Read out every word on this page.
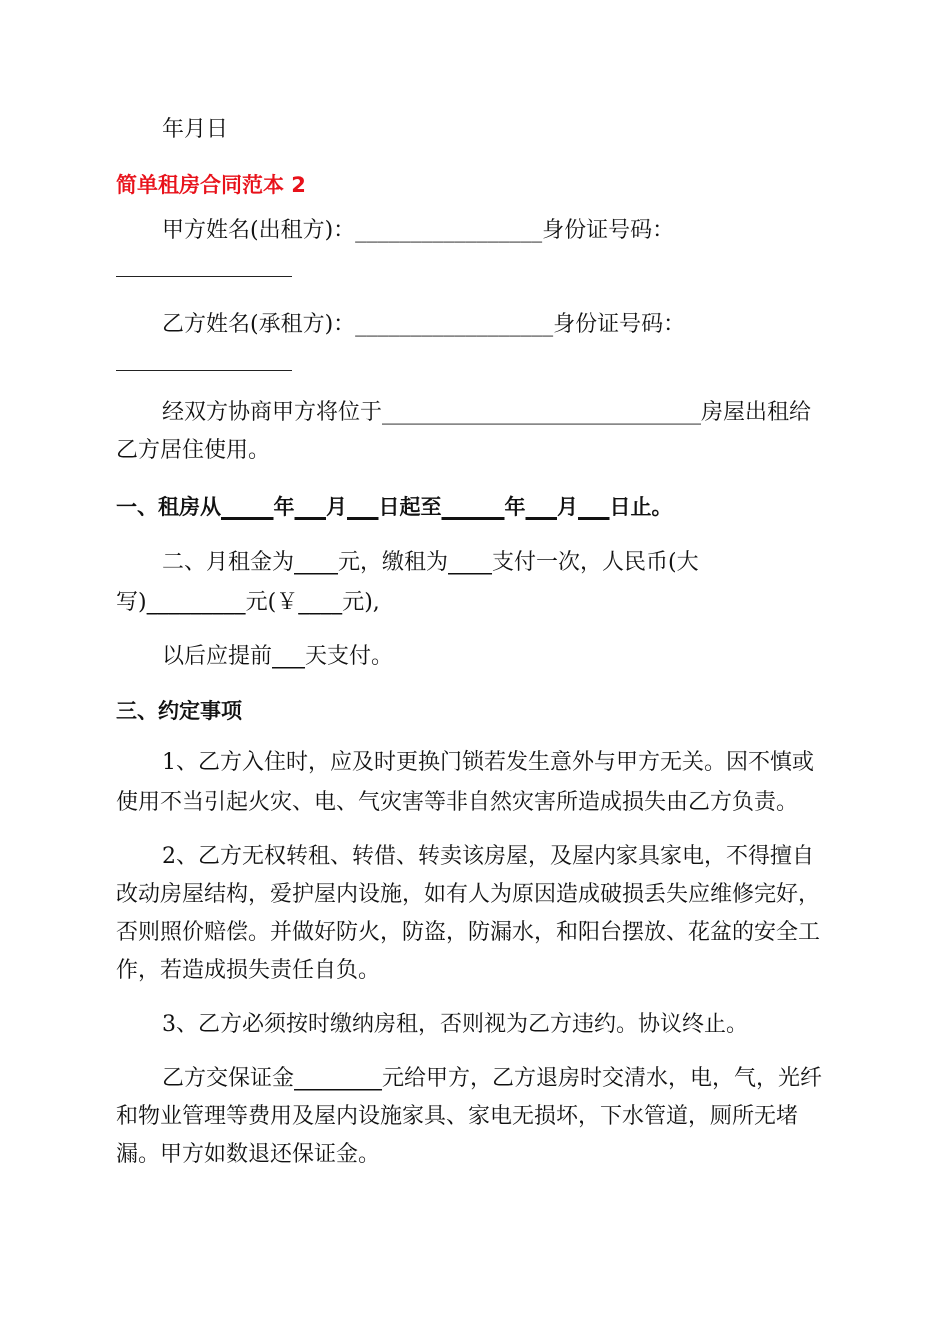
年月日
简单租房合同范本 2
甲方姓名(出租方)：_________________身份证号码：
乙方姓名(承租方)：__________________身份证号码：
经双方协商甲方将位于_____________________________房屋出租给
乙方居住使用。
一、租房从_____年___月___日起至______年___月___日止。
二、月租金为____元，缴租为____支付一次，人民币(大
写)_________元(￥____元),
以后应提前___天支付。
三、约定事项
1、乙方入住时，应及时更换门锁若发生意外与甲方无关。因不慎或
使用不当引起火灾、电、气灾害等非自然灾害所造成损失由乙方负责。
2、乙方无权转租、转借、转卖该房屋，及屋内家具家电，不得擅自
改动房屋结构，爱护屋内设施，如有人为原因造成破损丢失应维修完好，
否则照价赔偿。并做好防火，防盗，防漏水，和阳台摆放、花盆的安全工
作，若造成损失责任自负。
3、乙方必须按时缴纳房租，否则视为乙方违约。协议终止。
乙方交保证金________元给甲方，乙方退房时交清水，电，气，光纤
和物业管理等费用及屋内设施家具、家电无损坏，下水管道，厕所无堵
漏。甲方如数退还保证金。
